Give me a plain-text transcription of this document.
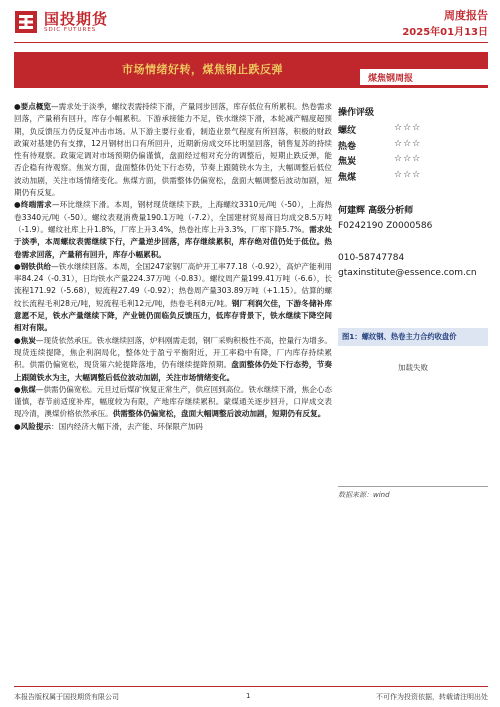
国投期货
SDIC FUTURES
周度报告
2025年01月13日
市场情绪好转，煤焦钢止跌反弹
煤焦钢周报

●要点概览—需求处于淡季，螺纹表需持续下滑，产量同步回落，库存低位有所累积。热卷需求回落，产量稍有回升，库存小幅累积。下游承接能力不足，铁水继续下滑，本轮减产幅度超预期，负反馈压力仍反复冲击市场。从下游主要行业看，制造业景气程度有所回落，积极的财政政策对基建仍有支撑，12月钢材出口有所回升，近期新房成交环比明显回落，销售复苏的持续性有待观察。政策定调对市场预期仍偏谨慎，盘面经过相对充分的调整后，短期止跌反弹，能否企稳有待观察。焦炭方面，盘面整体仍处下行态势，节奏上跟随铁水为主，大幅调整后低位波动加剧，关注市场情绪变化。焦煤方面，供需整体仍偏宽松，盘面大幅调整后波动加剧，短期仍有反复。

●终端需求—环比继续下滑。本周，钢材现货继续下跌，上海螺纹3310元/吨（-50），上海热卷3340元/吨（-50）。螺纹表观消费量190.1万吨（-7.2），全国建材贸易商日均成交8.5万吨（-1.9）。螺纹社库上升1.8%，厂库上升3.4%，热卷社库上升3.3%，厂库下降5.7%。需求处于淡季，本周螺纹表需继续下行，产量逆步回落，库存继续累积，库存绝对值仍处于低位。热卷需求回落，产量稍有回升，库存小幅累积。

●钢铁供给—铁水继续回落。本周，全国247家钢厂高炉开工率77.18（-0.92），高炉产能利用率84.24（-0.31），日均铁水产量224.37万吨（-0.83）。螺纹周产量199.41万吨（-6.6），长流程171.92（-5.68），短流程27.49（-0.92）；热卷周产量303.89万吨（+1.15）。估算的螺纹长流程毛利28元/吨，短流程毛利12元/吨，热卷毛利8元/吨。钢厂利润欠佳，下游冬储补库意愿不足，铁水产量继续下降，产业链仍面临负反馈压力，低库存背景下，铁水继续下降空间相对有限。

●焦炭—现货依然承压。铁水继续回落，炉料刚需走弱，钢厂采购积极性不高，控量行为增多。现货连续提降，焦企利润局化，整体处于盈亏平衡附近，开工率稳中有降，厂内库存持续累积。供需仍偏宽松，现货第六轮提降落地，仍有继续提降预期。盘面整体仍处下行态势，节奏上跟随铁水为主，大幅调整后低位波动加剧，关注市场情绪变化。

●焦煤—供需仍偏宽松。元旦过后煤矿恢复正常生产，供应回到高位。铁水继续下滑，焦企心态谨慎，春节前适度补库，幅度较为有限，产地库存继续累积。蒙煤通关逐步回升，口岸成交表现冷清，澳煤价格依然承压。供需整体仍偏宽松，盘面大幅调整后波动加剧，短期仍有反复。

●风险提示：国内经济大幅下滑，去产能、环保限产加码

操作评级
螺纹	☆☆☆
热卷	☆☆☆
焦炭	☆☆☆
焦煤	☆☆☆
何建辉 高级分析师
F0242190 Z0000586
010-58747784
gtaxinstitute@essence.com.cn
图1：螺纹钢、热卷主力合约收盘价
加载失败
数据来源：wind
本报告版权属于国投期货有限公司	1	不可作为投资依据，转载请注明出处
